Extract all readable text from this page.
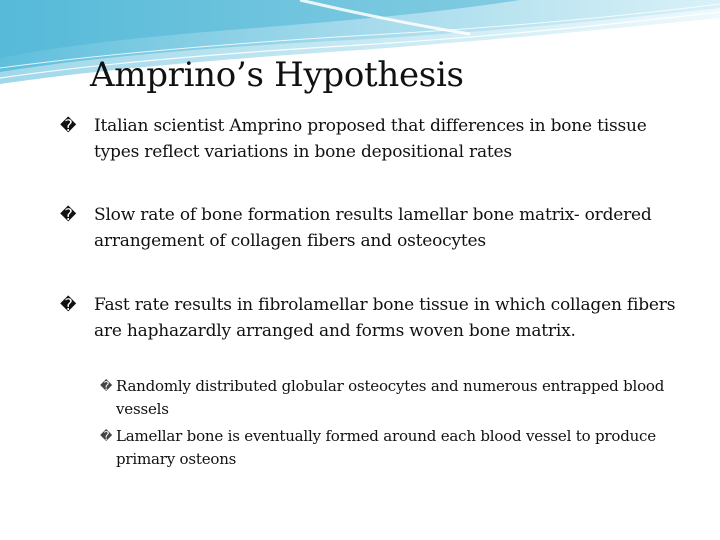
Amprino’s Hypothesis
�	Italian scientist Amprino proposed that differences in bone tissue types reflect variations in bone depositional rates
�	Slow rate of bone formation results lamellar bone matrix- ordered arrangement of collagen fibers and osteocytes
�	Fast rate results in fibrolamellar bone tissue in which collagen fibers are haphazardly arranged and forms woven bone matrix.
� Randomly distributed globular osteocytes and numerous entrapped blood vessels
� Lamellar bone is eventually formed around each blood vessel to produce primary osteons
